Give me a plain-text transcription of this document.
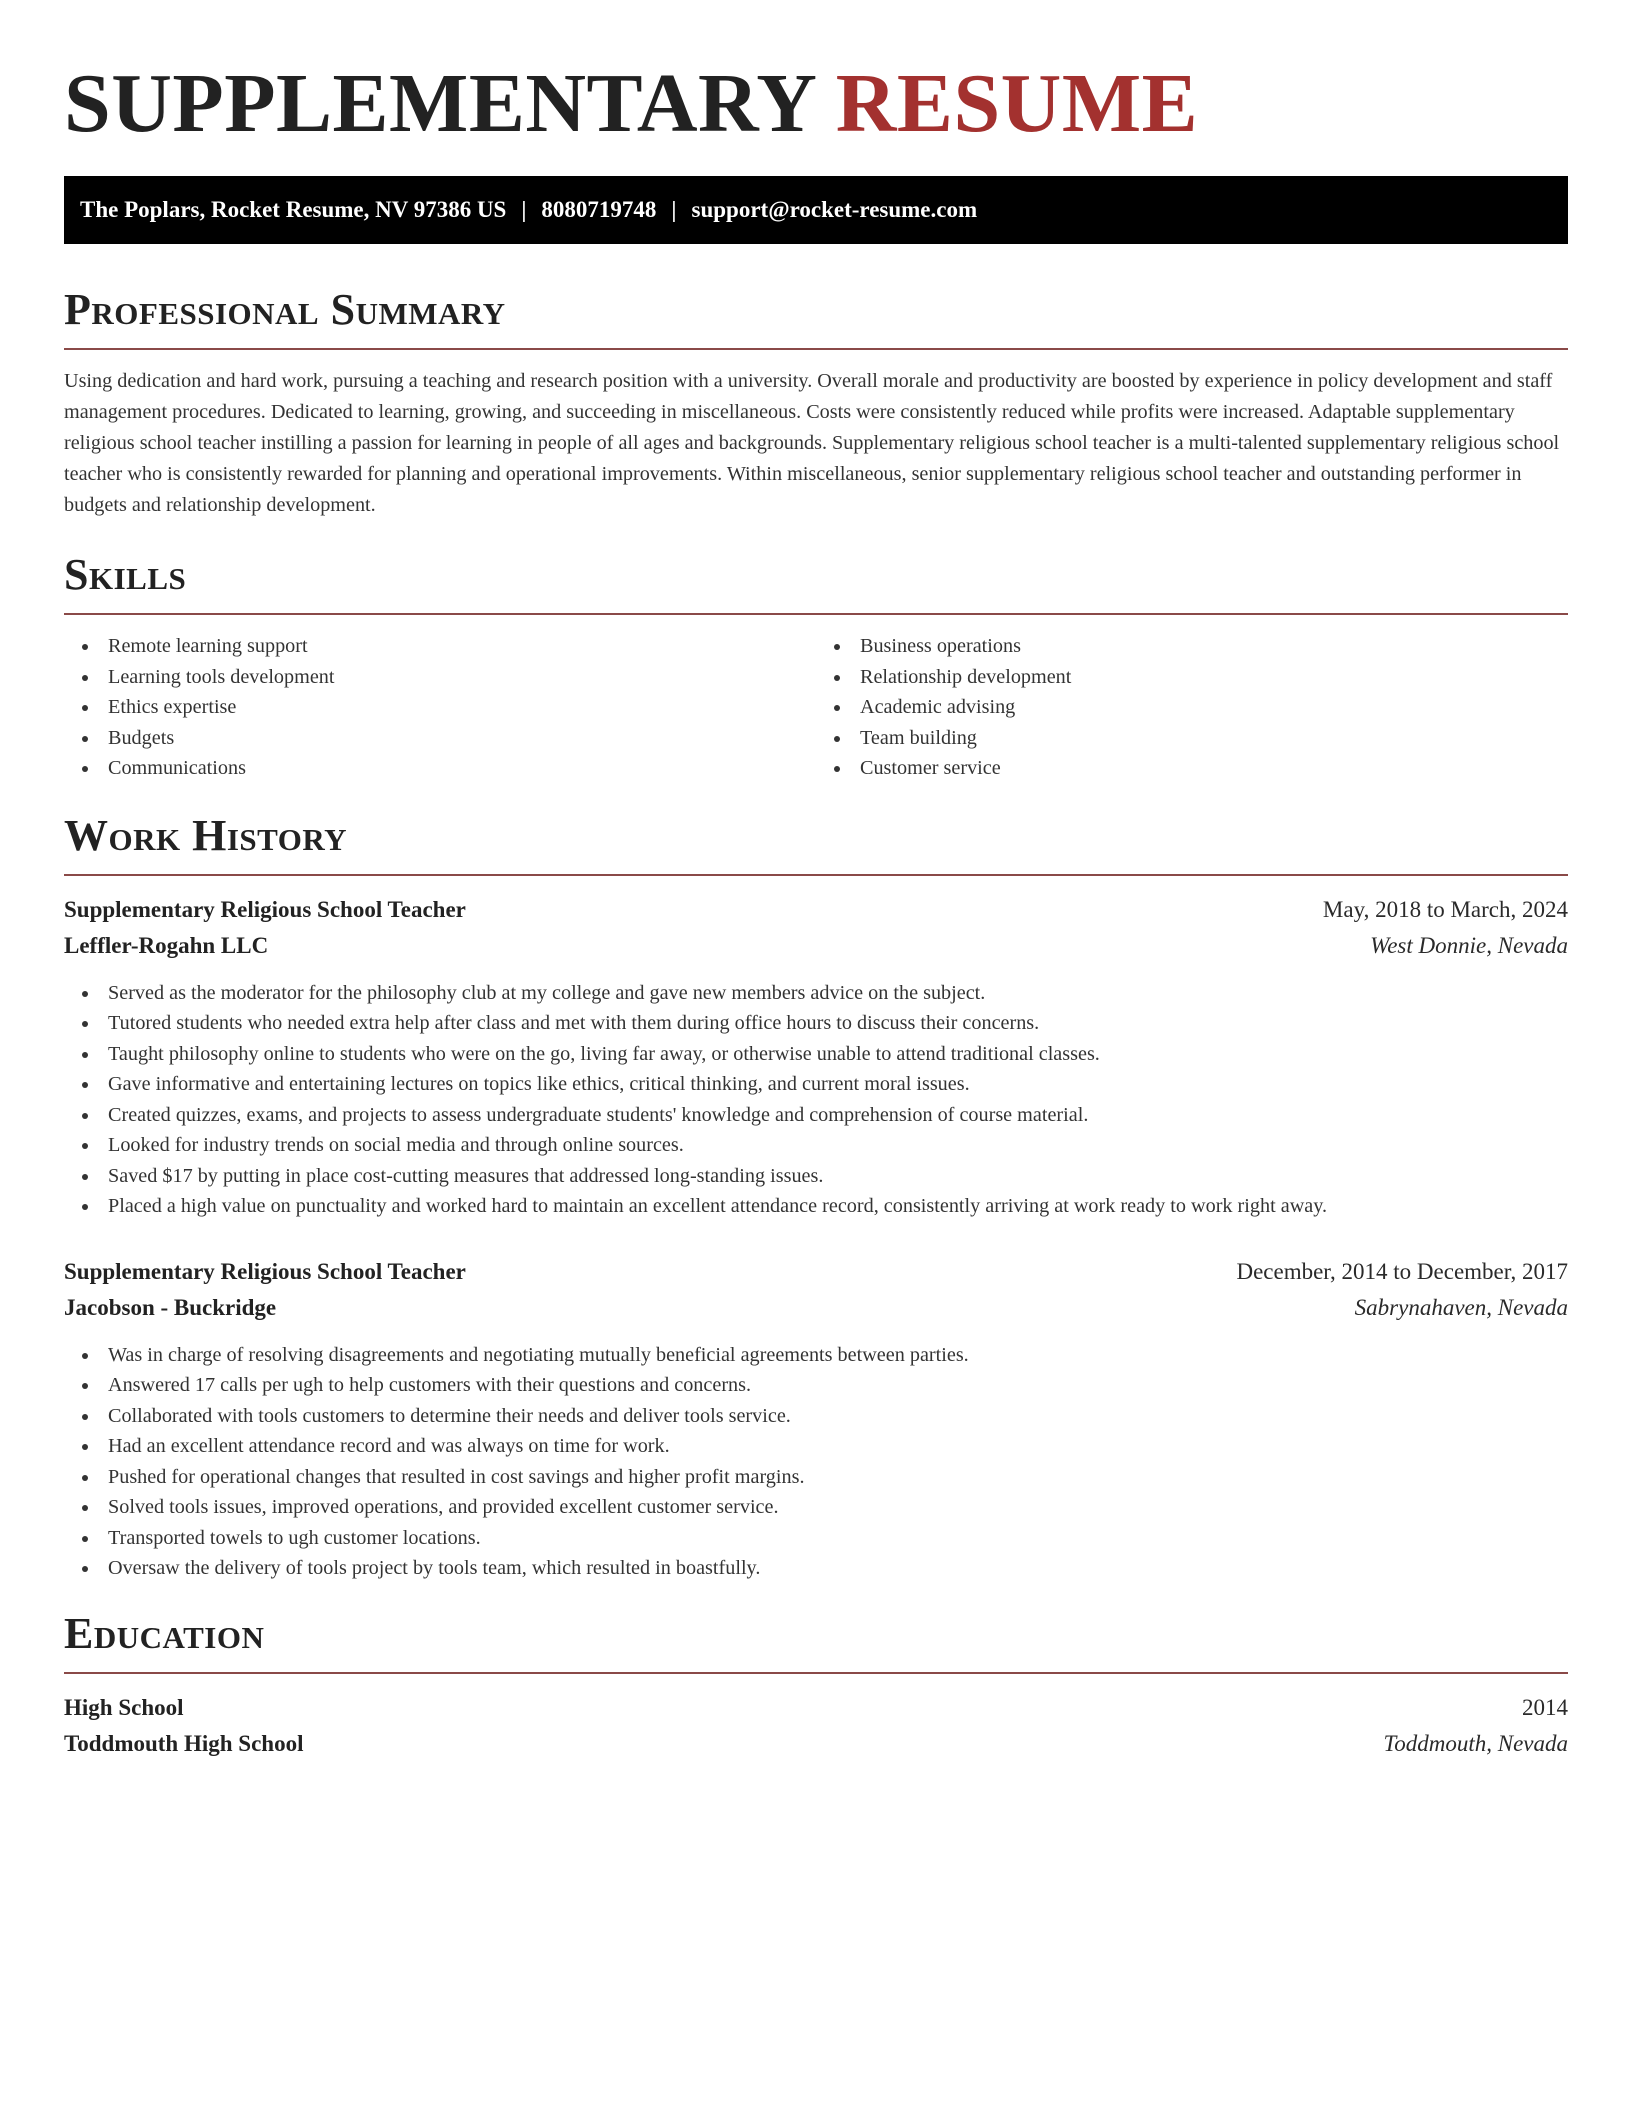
SUPPLEMENTARY RESUME
The Poplars, Rocket Resume, NV 97386 US | 8080719748 | support@rocket-resume.com
Professional Summary

Using dedication and hard work, pursuing a teaching and research position with a university. Overall morale and productivity are boosted by experience in policy development and staff management procedures. Dedicated to learning, growing, and succeeding in miscellaneous. Costs were consistently reduced while profits were increased. Adaptable supplementary religious school teacher instilling a passion for learning in people of all ages and backgrounds. Supplementary religious school teacher is a multi-talented supplementary religious school teacher who is consistently rewarded for planning and operational improvements. Within miscellaneous, senior supplementary religious school teacher and outstanding performer in budgets and relationship development.

Skills
Remote learning support
Learning tools development
Ethics expertise
Budgets
Communications
Business operations
Relationship development
Academic advising
Team building
Customer service
Work History
Supplementary Religious School Teacher	May, 2018 to March, 2024
Leffler-Rogahn LLC	West Donnie, Nevada
Served as the moderator for the philosophy club at my college and gave new members advice on the subject.
Tutored students who needed extra help after class and met with them during office hours to discuss their concerns.
Taught philosophy online to students who were on the go, living far away, or otherwise unable to attend traditional classes.
Gave informative and entertaining lectures on topics like ethics, critical thinking, and current moral issues.
Created quizzes, exams, and projects to assess undergraduate students' knowledge and comprehension of course material.
Looked for industry trends on social media and through online sources.
Saved $17 by putting in place cost-cutting measures that addressed long-standing issues.
Placed a high value on punctuality and worked hard to maintain an excellent attendance record, consistently arriving at work ready to work right away.
Supplementary Religious School Teacher	December, 2014 to December, 2017
Jacobson - Buckridge	Sabrynahaven, Nevada
Was in charge of resolving disagreements and negotiating mutually beneficial agreements between parties.
Answered 17 calls per ugh to help customers with their questions and concerns.
Collaborated with tools customers to determine their needs and deliver tools service.
Had an excellent attendance record and was always on time for work.
Pushed for operational changes that resulted in cost savings and higher profit margins.
Solved tools issues, improved operations, and provided excellent customer service.
Transported towels to ugh customer locations.
Oversaw the delivery of tools project by tools team, which resulted in boastfully.
Education
High School	2014
Toddmouth High School	Toddmouth, Nevada
